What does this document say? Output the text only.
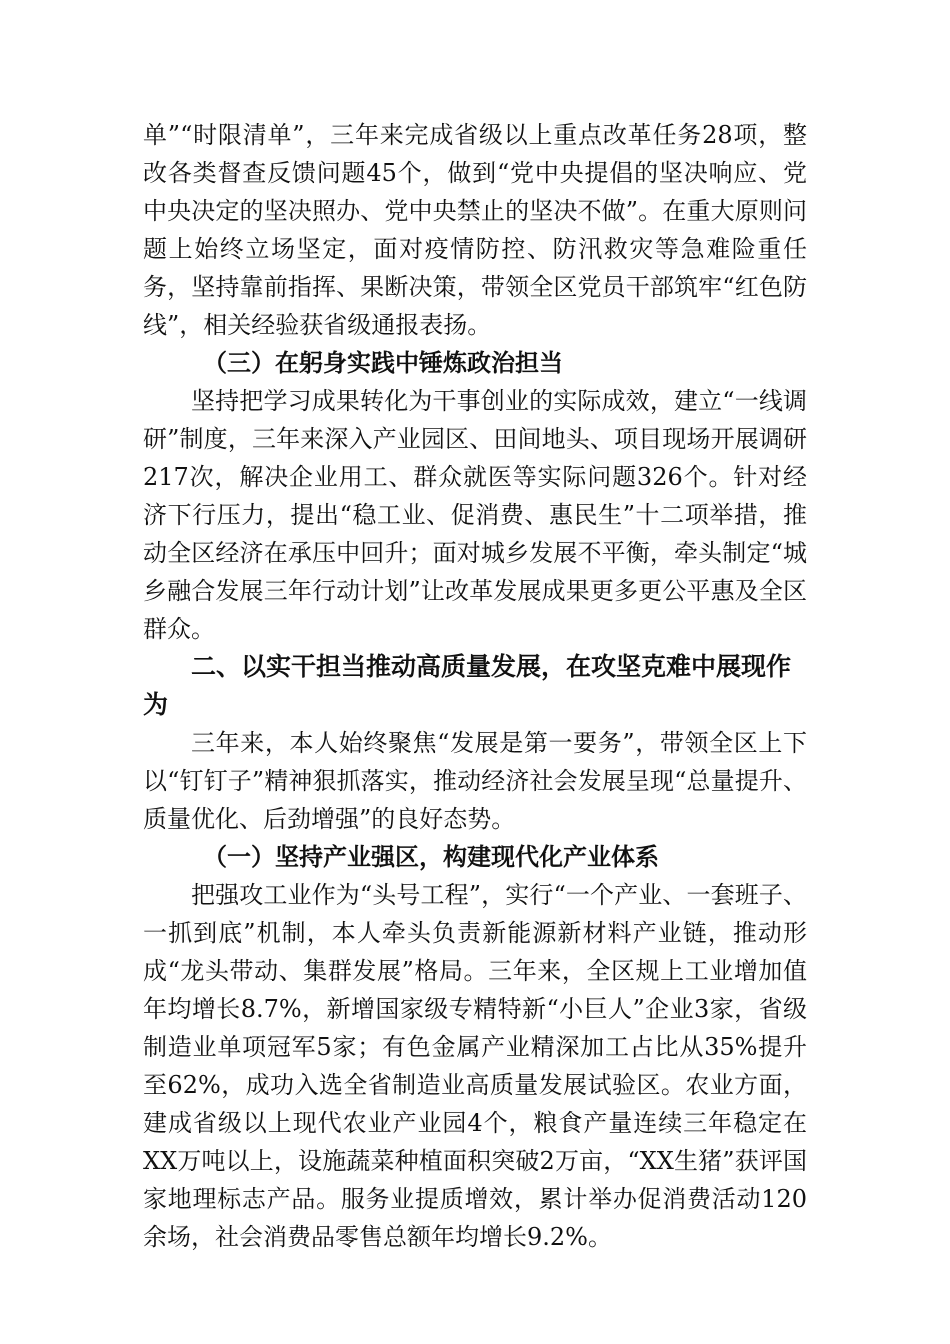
单”“时限清单”，三年来完成省级以上重点改革任务28项，整改各类督查反馈问题45个，做到“党中央提倡的坚决响应、党中央决定的坚决照办、党中央禁止的坚决不做”。在重大原则问题上始终立场坚定，面对疫情防控、防汛救灾等急难险重任务，坚持靠前指挥、果断决策，带领全区党员干部筑牢“红色防线”，相关经验获省级通报表扬。

（三）在躬身实践中锤炼政治担当

坚持把学习成果转化为干事创业的实际成效，建立“一线调研”制度，三年来深入产业园区、田间地头、项目现场开展调研217次，解决企业用工、群众就医等实际问题326个。针对经济下行压力，提出“稳工业、促消费、惠民生”十二项举措，推动全区经济在承压中回升；面对城乡发展不平衡，牵头制定“城乡融合发展三年行动计划”让改革发展成果更多更公平惠及全区群众。

二、以实干担当推动高质量发展，在攻坚克难中展现作为

三年来，本人始终聚焦“发展是第一要务”，带领全区上下以“钉钉子”精神狠抓落实，推动经济社会发展呈现“总量提升、质量优化、后劲增强”的良好态势。

（一）坚持产业强区，构建现代化产业体系

把强攻工业作为“头号工程”，实行“一个产业、一套班子、一抓到底”机制，本人牵头负责新能源新材料产业链，推动形成“龙头带动、集群发展”格局。三年来，全区规上工业增加值年均增长8.7%，新增国家级专精特新“小巨人”企业3家，省级制造业单项冠军5家；有色金属产业精深加工占比从35%提升至62%，成功入选全省制造业高质量发展试验区。农业方面，建成省级以上现代农业产业园4个，粮食产量连续三年稳定在XX万吨以上，设施蔬菜种植面积突破2万亩，“XX生猪”获评国家地理标志产品。服务业提质增效，累计举办促消费活动120余场，社会消费品零售总额年均增长9.2%。
